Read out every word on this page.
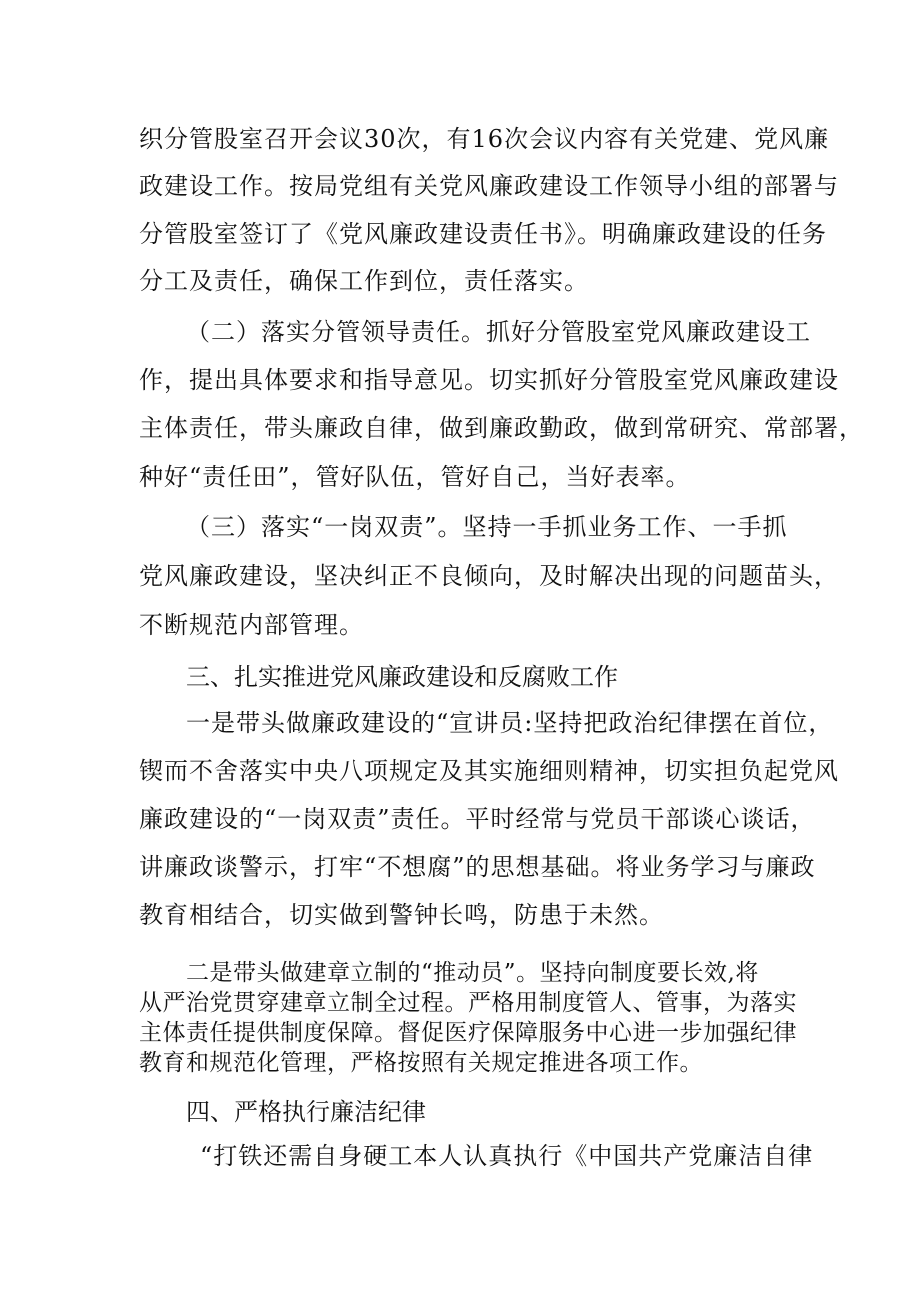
织分管股室召开会议30次，有16次会议内容有关党建、党风廉
政建设工作。按局党组有关党风廉政建设工作领导小组的部署与
分管股室签订了《党风廉政建设责任书》。明确廉政建设的任务
分工及责任，确保工作到位，责任落实。
（二）落实分管领导责任。抓好分管股室党风廉政建设工
作，提出具体要求和指导意见。切实抓好分管股室党风廉政建设
主体责任，带头廉政自律，做到廉政勤政，做到常研究、常部署，
种好“责任田”，管好队伍，管好自己，当好表率。
（三）落实“一岗双责”。坚持一手抓业务工作、一手抓
党风廉政建设，坚决纠正不良倾向，及时解决出现的问题苗头，
不断规范内部管理。
三、扎实推进党风廉政建设和反腐败工作
一是带头做廉政建设的“宣讲员:坚持把政治纪律摆在首位，
锲而不舍落实中央八项规定及其实施细则精神，切实担负起党风
廉政建设的“一岗双责”责任。平时经常与党员干部谈心谈话，
讲廉政谈警示，打牢“不想腐”的思想基础。将业务学习与廉政
教育相结合，切实做到警钟长鸣，防患于未然。
二是带头做建章立制的“推动员”。坚持向制度要长效,将
从严治党贯穿建章立制全过程。严格用制度管人、管事，为落实
主体责任提供制度保障。督促医疗保障服务中心进一步加强纪律
教育和规范化管理，严格按照有关规定推进各项工作。
四、严格执行廉洁纪律
“打铁还需自身硬工本人认真执行《中国共产党廉洁自律
